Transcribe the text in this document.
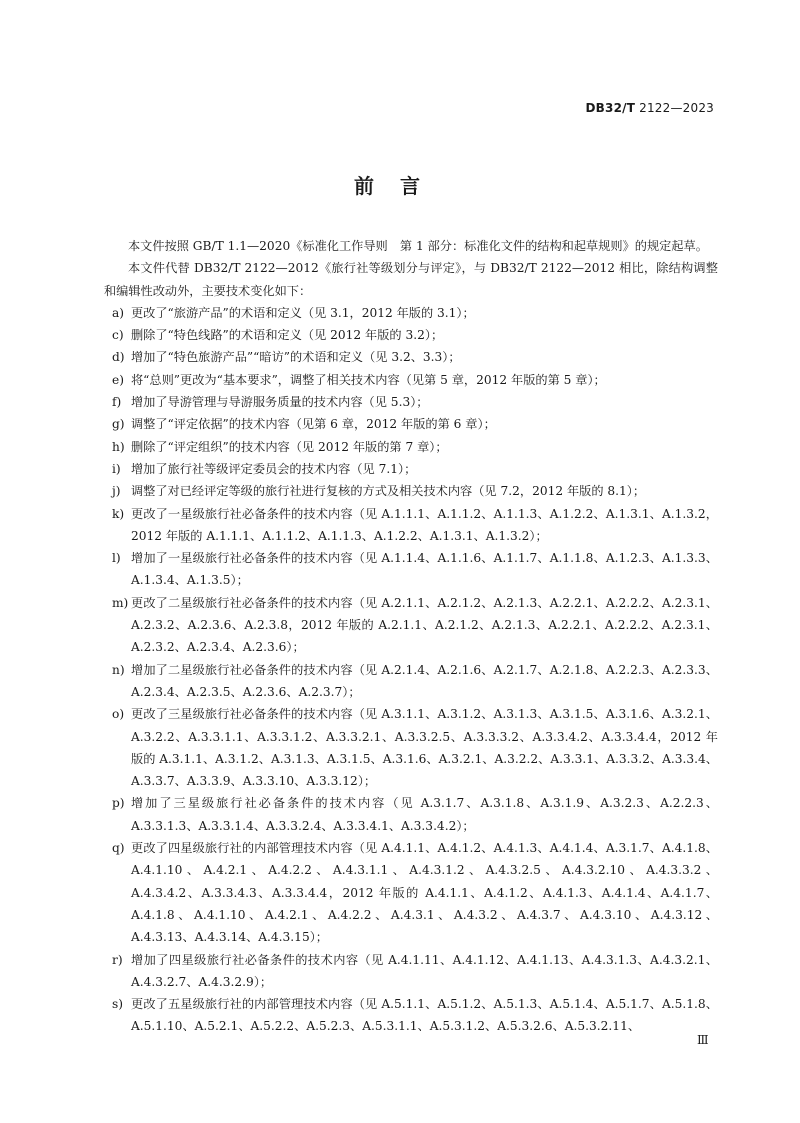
DB32/T 2122—2023
前言

本文件按照 GB/T 1.1—2020《标准化工作导则　第 1 部分：标准化文件的结构和起草规则》的规定起草。

本文件代替 DB32/T 2122—2012《旅行社等级划分与评定》，与 DB32/T 2122—2012 相比，除结构调整和编辑性改动外，主要技术变化如下：

a) 更改了“旅游产品”的术语和定义（见 3.1，2012 年版的 3.1）；
c) 删除了“特色线路”的术语和定义（见 2012 年版的 3.2）；
d) 增加了“特色旅游产品”“暗访”的术语和定义（见 3.2、3.3）；
e) 将“总则”更改为“基本要求”，调整了相关技术内容（见第 5 章，2012 年版的第 5 章）；
f) 增加了导游管理与导游服务质量的技术内容（见 5.3）；
g) 调整了“评定依据”的技术内容（见第 6 章，2012 年版的第 6 章）；
h) 删除了“评定组织”的技术内容（见 2012 年版的第 7 章）；
i) 增加了旅行社等级评定委员会的技术内容（见 7.1）；
j) 调整了对已经评定等级的旅行社进行复核的方式及相关技术内容（见 7.2，2012 年版的 8.1）；
k) 更改了一星级旅行社必备条件的技术内容（见 A.1.1.1、A.1.1.2、A.1.1.3、A.1.2.2、A.1.3.1、A.1.3.2，2012 年版的 A.1.1.1、A.1.1.2、A.1.1.3、A.1.2.2、A.1.3.1、A.1.3.2）；
l) 增加了一星级旅行社必备条件的技术内容（见 A.1.1.4、A.1.1.6、A.1.1.7、A.1.1.8、A.1.2.3、A.1.3.3、A.1.3.4、A.1.3.5）；
m) 更改了二星级旅行社必备条件的技术内容（见 A.2.1.1、A.2.1.2、A.2.1.3、A.2.2.1、A.2.2.2、A.2.3.1、A.2.3.2、A.2.3.6、A.2.3.8，2012 年版的 A.2.1.1、A.2.1.2、A.2.1.3、A.2.2.1、A.2.2.2、A.2.3.1、A.2.3.2、A.2.3.4、A.2.3.6）；
n) 增加了二星级旅行社必备条件的技术内容（见 A.2.1.4、A.2.1.6、A.2.1.7、A.2.1.8、A.2.2.3、A.2.3.3、A.2.3.4、A.2.3.5、A.2.3.6、A.2.3.7）；
o) 更改了三星级旅行社必备条件的技术内容（见 A.3.1.1、A.3.1.2、A.3.1.3、A.3.1.5、A.3.1.6、A.3.2.1、A.3.2.2、A.3.3.1.1、A.3.3.1.2、A.3.3.2.1、A.3.3.2.5、A.3.3.3.2、A.3.3.4.2、A.3.3.4.4，2012 年版的 A.3.1.1、A.3.1.2、A.3.1.3、A.3.1.5、A.3.1.6、A.3.2.1、A.3.2.2、A.3.3.1、A.3.3.2、A.3.3.4、A.3.3.7、A.3.3.9、A.3.3.10、A.3.3.12）；
p) 增加了三星级旅行社必备条件的技术内容（见 A.3.1.7、A.3.1.8、A.3.1.9、A.3.2.3、A.2.2.3、A.3.3.1.3、A.3.3.1.4、A.3.3.2.4、A.3.3.4.1、A.3.3.4.2）；
q) 更改了四星级旅行社的内部管理技术内容（见 A.4.1.1、A.4.1.2、A.4.1.3、A.4.1.4、A.3.1.7、A.4.1.8、A.4.1.10、A.4.2.1、A.4.2.2、A.4.3.1.1、A.4.3.1.2、A.4.3.2.5、A.4.3.2.10、A.4.3.3.2、A.4.3.4.2、A.3.3.4.3、A.3.3.4.4，2012 年版的 A.4.1.1、A.4.1.2、A.4.1.3、A.4.1.4、A.4.1.7、A.4.1.8、A.4.1.10、A.4.2.1、A.4.2.2、A.4.3.1、A.4.3.2、A.4.3.7、A.4.3.10、A.4.3.12、A.4.3.13、A.4.3.14、A.4.3.15）；
r) 增加了四星级旅行社必备条件的技术内容（见 A.4.1.11、A.4.1.12、A.4.1.13、A.4.3.1.3、A.4.3.2.1、A.4.3.2.7、A.4.3.2.9）；
s) 更改了五星级旅行社的内部管理技术内容（见 A.5.1.1、A.5.1.2、A.5.1.3、A.5.1.4、A.5.1.7、A.5.1.8、A.5.1.10、A.5.2.1、A.5.2.2、A.5.2.3、A.5.3.1.1、A.5.3.1.2、A.5.3.2.6、A.5.3.2.11、
Ⅲ
